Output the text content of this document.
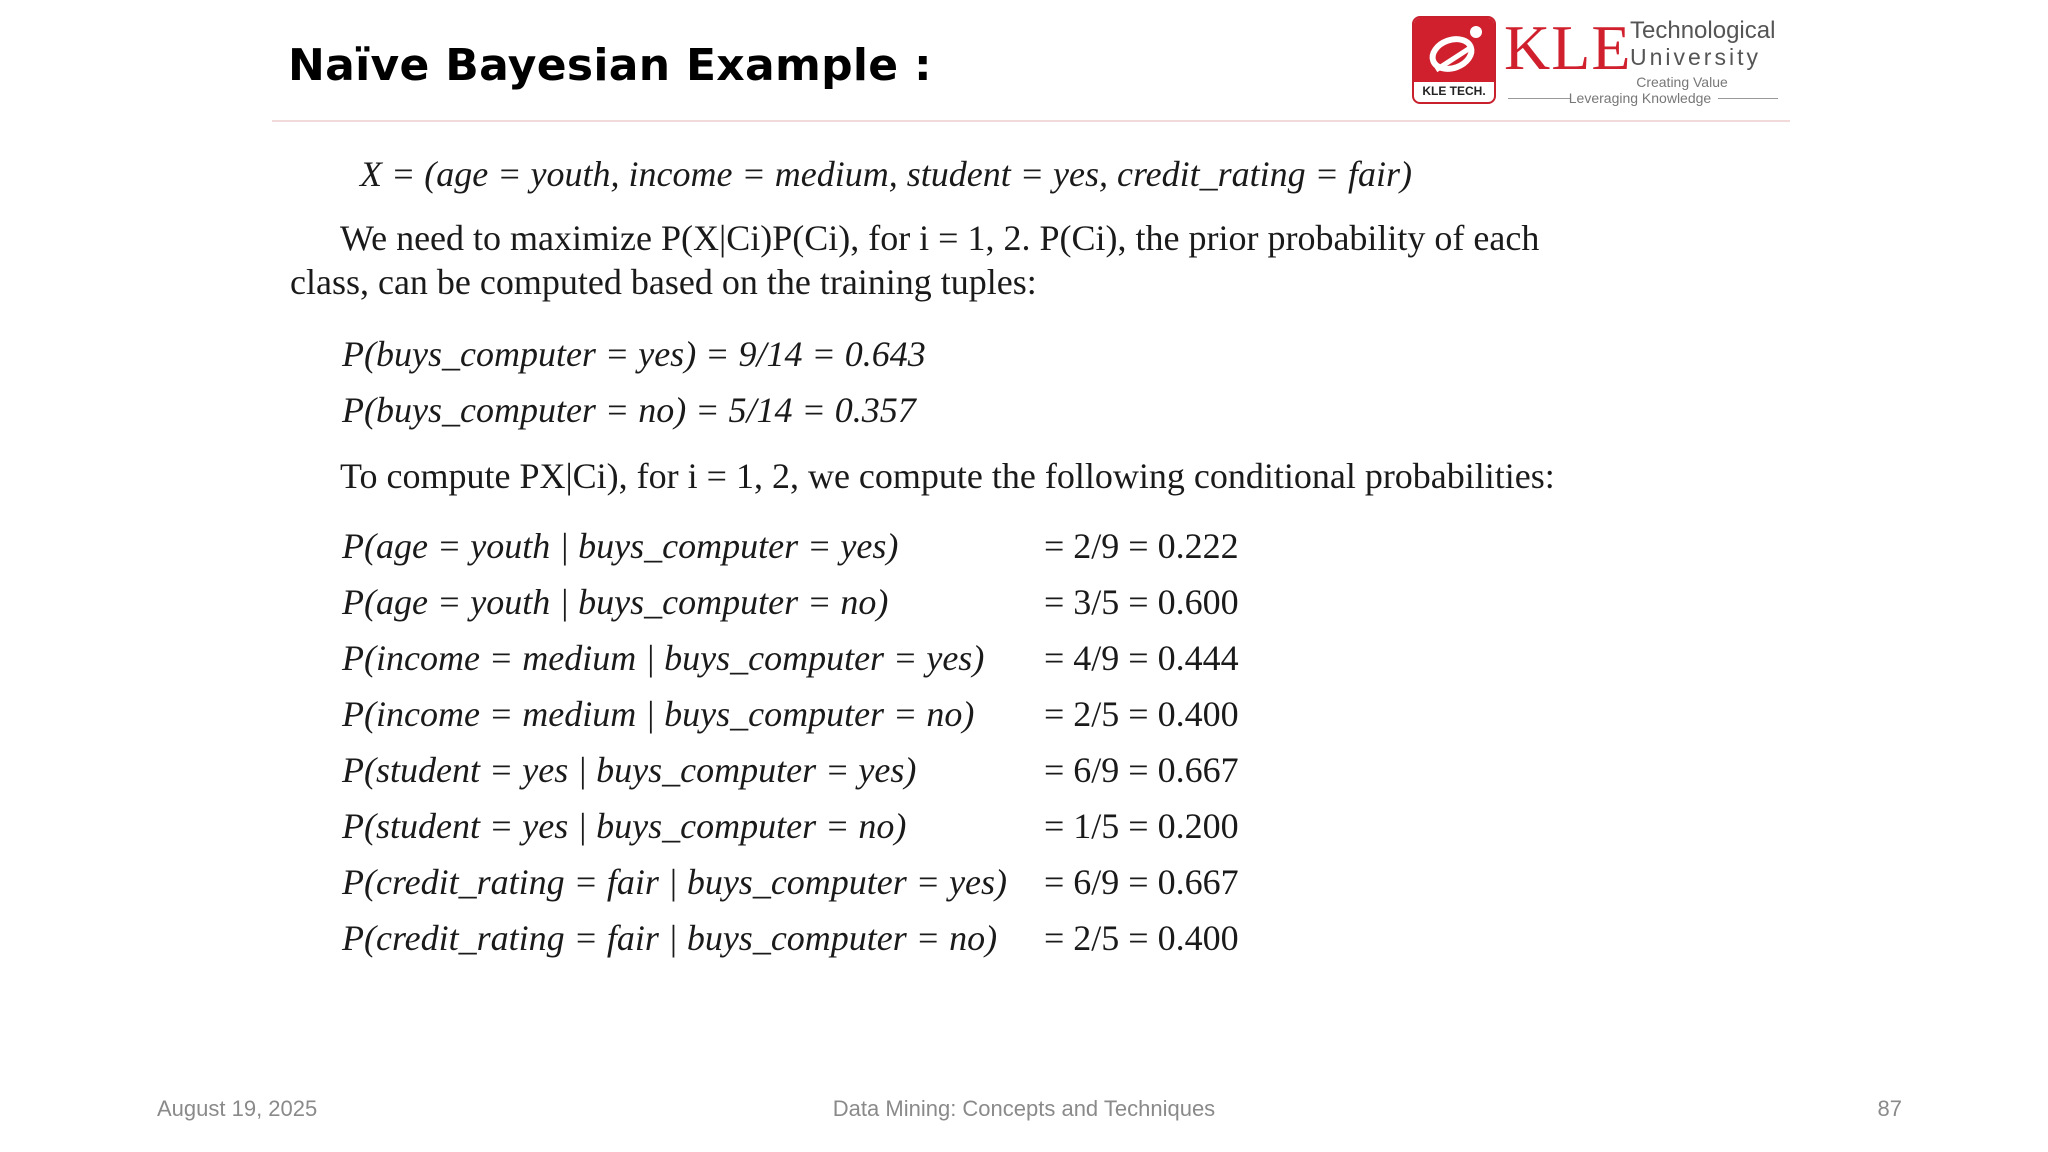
Naïve Bayesian Example :	KLE TECH.
KLE
Technological
University
Creating Value
Leveraging Knowledge
X = (age = youth, income = medium, student = yes, credit_rating = fair)
We need to maximize P(X|Ci)P(Ci), for i = 1, 2. P(Ci), the prior probability of each
class, can be computed based on the training tuples:
P(buys_computer = yes) = 9/14 = 0.643
P(buys_computer = no) = 5/14 = 0.357
To compute PX|Ci), for i = 1, 2, we compute the following conditional probabilities:
P(age = youth | buys_computer = yes)	= 2/9 = 0.222
P(age = youth | buys_computer = no)	= 3/5 = 0.600
P(income = medium | buys_computer = yes) = 4/9 = 0.444
P(income = medium | buys_computer = no) = 2/5 = 0.400
P(student = yes | buys_computer = yes)	= 6/9 = 0.667
P(student = yes | buys_computer = no)	= 1/5 = 0.200
P(credit_rating = fair | buys_computer = yes) = 6/9 = 0.667
P(credit_rating = fair | buys_computer = no) = 2/5 = 0.400
August 19, 2025	Data Mining: Concepts and Techniques	87
